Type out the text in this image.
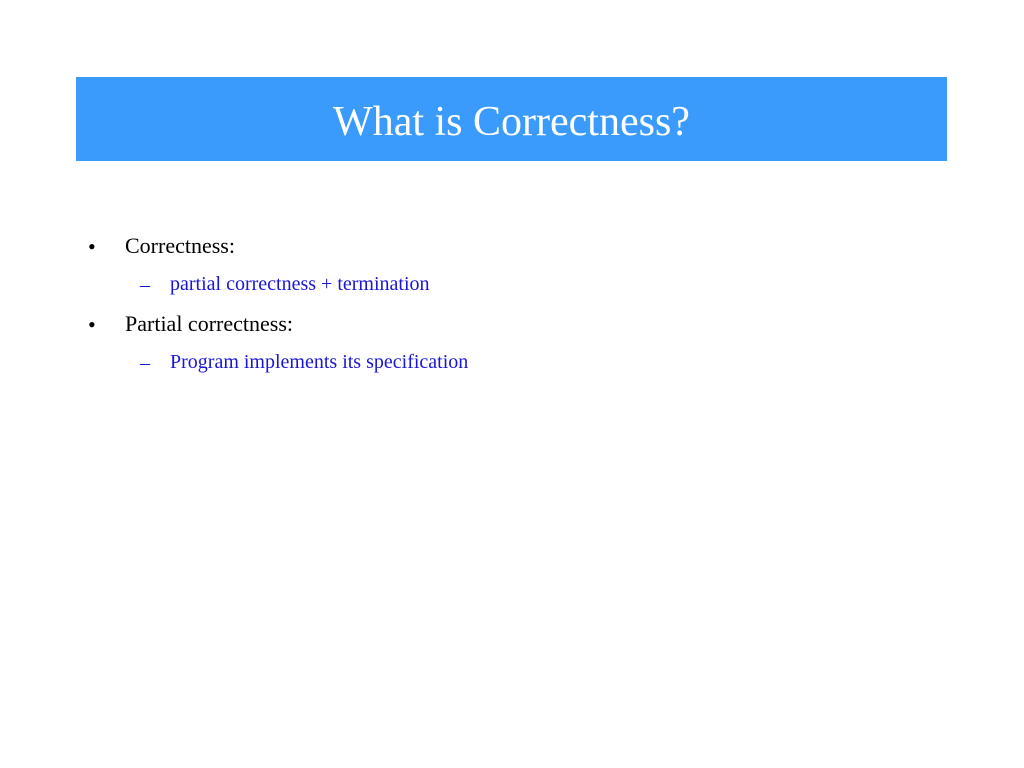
What is Correctness?
• Correctness:
– partial correctness + termination
• Partial correctness:
– Program implements its specification
